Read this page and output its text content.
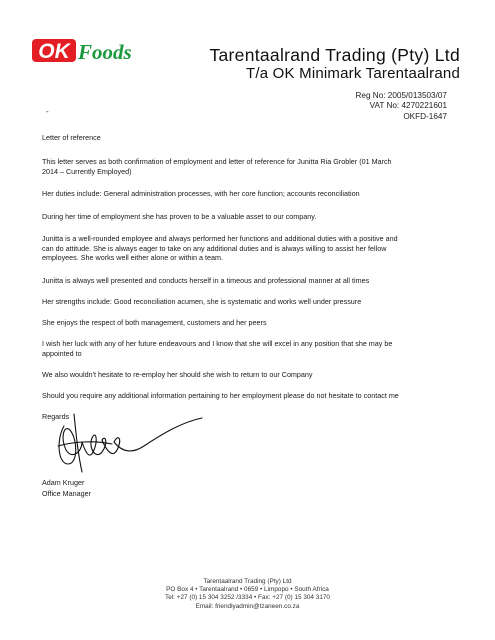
OK Foods	Tarentaalrand Trading (Pty) Ltd
T/a OK Minimark Tarentaalrand
Reg No: 2005/013503/07
VAT No: 4270221601
OKFD-1647
-
Letter of reference
This letter serves as both confirmation of employment and letter of reference for Junitta Ria Grobler (01 March
2014 – Currently Employed)
Her duties include: General administration processes, with her core function; accounts reconciliation
During her time of employment she has proven to be a valuable asset to our company.
Junitta is a well-rounded employee and always performed her functions and additional duties with a positive and
can do attitude. She is always eager to take on any additional duties and is always willing to assist her fellow
employees. She works well either alone or within a team.
Junitta is always well presented and conducts herself in a timeous and professional manner at all times
Her strengths include: Good reconciliation acumen, she is systematic and works well under pressure
She enjoys the respect of both management, customers and her peers
I wish her luck with any of her future endeavours and I know that she will excel in any position that she may be
appointed to
We also wouldn't hesitate to re-employ her should she wish to return to our Company
Should you require any additional information pertaining to her employment please do not hesitate to contact me
Regards
Adam Kruger
Office Manager
Tarentaalrand Trading (Pty) Ltd
PO Box 4 • Tarentaalrand • 0659 • Limpopo • South Africa
Tel: +27 (0) 15 304 3252 /3334 • Fax: +27 (0) 15 304 3170
Email: friendlyadmin@tzaneen.co.za
